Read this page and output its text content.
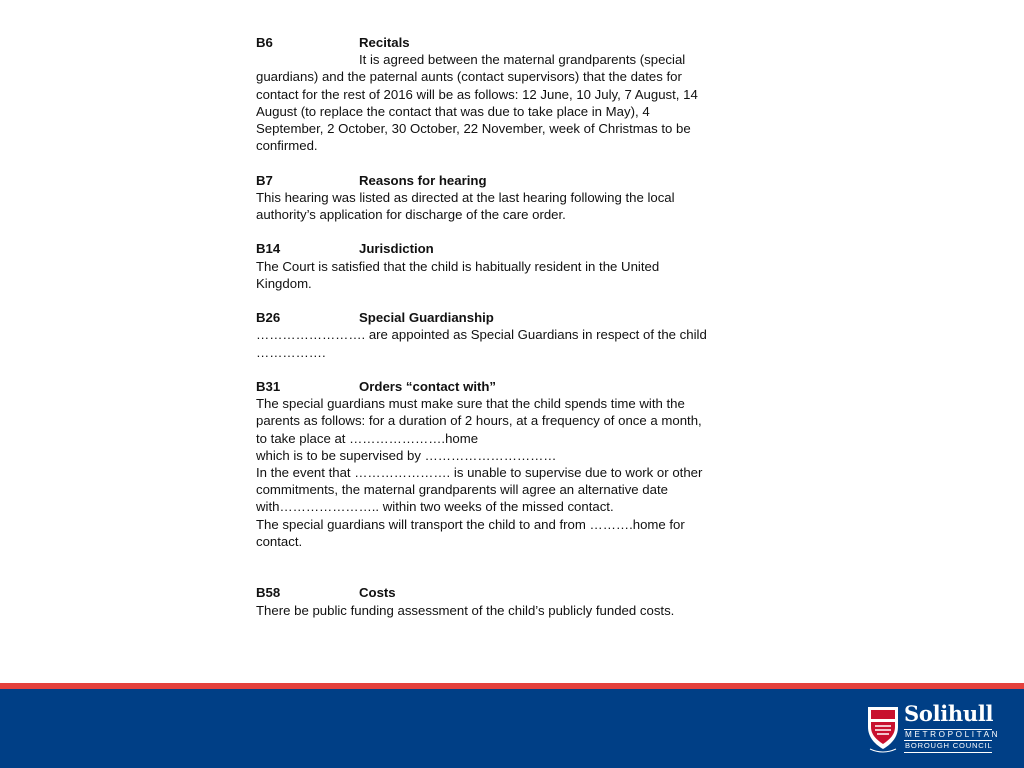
B6	Recitals
It is agreed between the maternal grandparents (special
guardians) and the paternal aunts (contact supervisors) that the dates for
contact for the rest of 2016 will be as follows: 12 June, 10 July, 7 August, 14
August (to replace the contact that was due to take place in May), 4
September, 2 October, 30 October, 22 November, week of Christmas to be
confirmed.
B7	Reasons for hearing
This hearing was listed as directed at the last hearing following the local
authority’s application for discharge of the care order.
B14	Jurisdiction
The Court is satisfied that the child is habitually resident in the United
Kingdom.
B26	Special Guardianship
……………………. are appointed as Special Guardians in respect of the child
…………….
B31	Orders “contact with”
The special guardians must make sure that the child spends time with the
parents as follows: for a duration of 2 hours, at a frequency of once a month,
to take place at ………………….home
which is to be supervised by …………………………
In the event that …………………. is unable to supervise due to work or other
commitments, the maternal grandparents will agree an alternative date
with………………….. within two weeks of the missed contact.
The special guardians will transport the child to and from ……….home for
contact.
B58	Costs
There be public funding assessment of the child’s publicly funded costs.
Solihull
METROPOLITAN
BOROUGH COUNCIL
